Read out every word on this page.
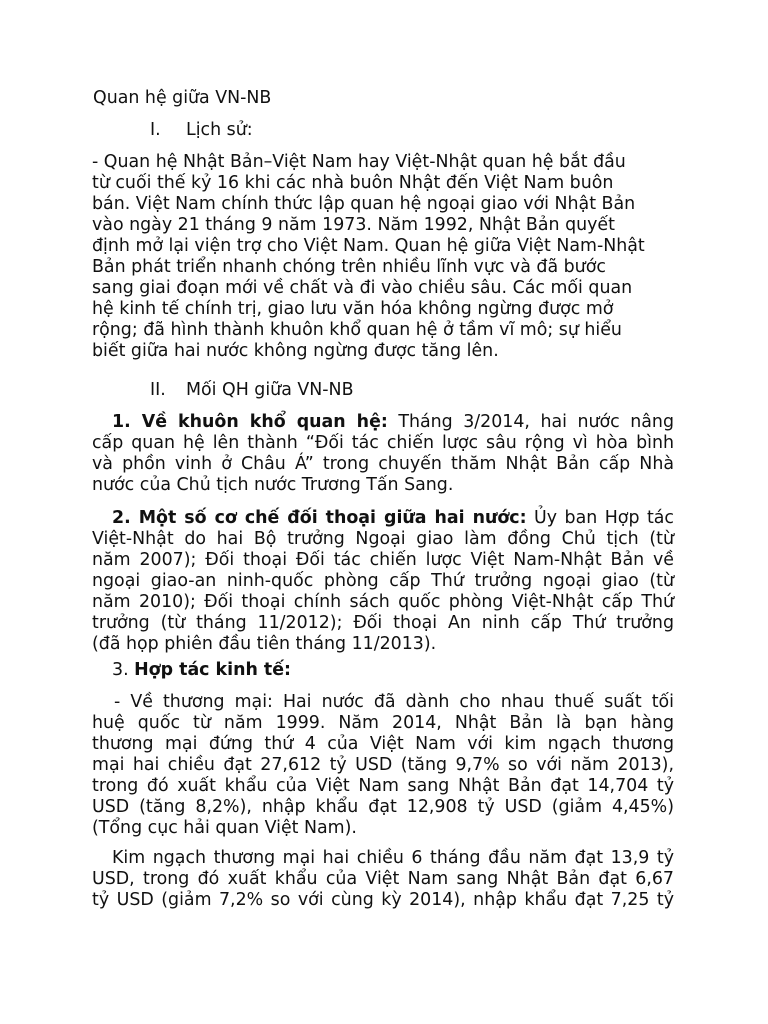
Quan hệ giữa VN-NB
I. Lịch sử:
- Quan hệ Nhật Bản–Việt Nam hay Việt-Nhật quan hệ bắt đầu
từ cuối thế kỷ 16 khi các nhà buôn Nhật đến Việt Nam buôn
bán. Việt Nam chính thức lập quan hệ ngoại giao với Nhật Bản
vào ngày 21 tháng 9 năm 1973. Năm 1992, Nhật Bản quyết
định mở lại viện trợ cho Việt Nam. Quan hệ giữa Việt Nam-Nhật
Bản phát triển nhanh chóng trên nhiều lĩnh vực và đã bước
sang giai đoạn mới về chất và đi vào chiều sâu. Các mối quan
hệ kinh tế chính trị, giao lưu văn hóa không ngừng được mở
rộng; đã hình thành khuôn khổ quan hệ ở tầm vĩ mô; sự hiểu
biết giữa hai nước không ngừng được tăng lên.
II. Mối QH giữa VN-NB
1. Về khuôn khổ quan hệ: Tháng 3/2014, hai nước nâng
cấp quan hệ lên thành “Đối tác chiến lược sâu rộng vì hòa bình
và phồn vinh ở Châu Á” trong chuyến thăm Nhật Bản cấp Nhà
nước của Chủ tịch nước Trương Tấn Sang.
2. Một số cơ chế đối thoại giữa hai nước: Ủy ban Hợp tác
Việt-Nhật do hai Bộ trưởng Ngoại giao làm đồng Chủ tịch (từ
năm 2007); Đối thoại Đối tác chiến lược Việt Nam-Nhật Bản về
ngoại giao-an ninh-quốc phòng cấp Thứ trưởng ngoại giao (từ
năm 2010); Đối thoại chính sách quốc phòng Việt-Nhật cấp Thứ
trưởng (từ tháng 11/2012); Đối thoại An ninh cấp Thứ trưởng
(đã họp phiên đầu tiên tháng 11/2013).
3. Hợp tác kinh tế:
- Về thương mại: Hai nước đã dành cho nhau thuế suất tối
huệ quốc từ năm 1999. Năm 2014, Nhật Bản là bạn hàng
thương mại đứng thứ 4 của Việt Nam với kim ngạch thương
mại hai chiều đạt 27,612 tỷ USD (tăng 9,7% so với năm 2013),
trong đó xuất khẩu của Việt Nam sang Nhật Bản đạt 14,704 tỷ
USD (tăng 8,2%), nhập khẩu đạt 12,908 tỷ USD (giảm 4,45%)
(Tổng cục hải quan Việt Nam).
Kim ngạch thương mại hai chiều 6 tháng đầu năm đạt 13,9 tỷ
USD, trong đó xuất khẩu của Việt Nam sang Nhật Bản đạt 6,67
tỷ USD (giảm 7,2% so với cùng kỳ 2014), nhập khẩu đạt 7,25 tỷ
